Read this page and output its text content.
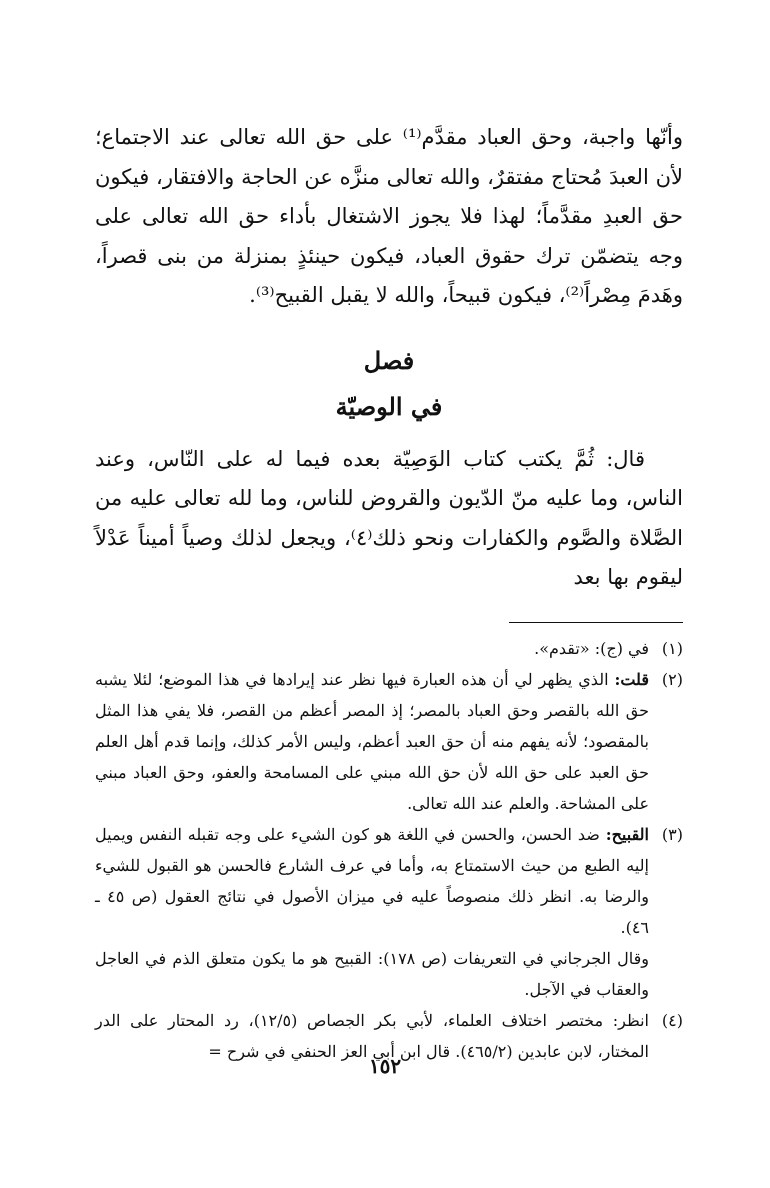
وأنّها واجبة، وحق العباد مقدَّم⁽¹⁾ على حق الله تعالى عند الاجتماع؛ لأن العبدَ مُحتاج مفتقرٌ، والله تعالى منزَّه عن الحاجة والافتقار، فيكون حق العبدِ مقدَّماً؛ لهذا فلا يجوز الاشتغال بأداء حق الله تعالى على وجه يتضمّن ترك حقوق العباد، فيكون حينئذٍ بمنزلة من بنى قصراً، وهَدمَ مِصْراً⁽²⁾، فيكون قبيحاً، والله لا يقبل القبيح⁽³⁾.

فصل
في الوصيّة

قال: ثُمَّ يكتب كتاب الوَصِيّة بعده فيما له على النّاس، وعند الناس، وما عليه منّ الدّيون والقروض للناس، وما لله تعالى عليه من الصَّلاة والصَّوم والكفارات ونحو ذلك⁽٤⁾، ويجعل لذلك وصياً أميناً عَدْلاً ليقوم بها بعد

(١)

في (ج): «تقدم».

(٢)

قلت: الذي يظهر لي أن هذه العبارة فيها نظر عند إيرادها في هذا الموضع؛ لئلا يشبه حق الله بالقصر وحق العباد بالمصر؛ إذ المصر أعظم من القصر، فلا يفي هذا المثل بالمقصود؛ لأنه يفهم منه أن حق العبد أعظم، وليس الأمر كذلك، وإنما قدم أهل العلم حق العبد على حق الله لأن حق الله مبني على المسامحة والعفو، وحق العباد مبني على المشاحة. والعلم عند الله تعالى.

(٣)

القبيح: ضد الحسن، والحسن في اللغة هو كون الشيء على وجه تقبله النفس ويميل إليه الطبع من حيث الاستمتاع به، وأما في عرف الشارع فالحسن هو القبول للشيء والرضا به. انظر ذلك منصوصاً عليه في ميزان الأصول في نتائج العقول (ص ٤٥ ـ ٤٦).

وقال الجرجاني في التعريفات (ص ١٧٨): القبيح هو ما يكون متعلق الذم في العاجل والعقاب في الآجل.
(٤)

انظر: مختصر اختلاف العلماء، لأبي بكر الجصاص (١٢/٥)، رد المحتار على الدر المختار، لابن عابدين (٤٦٥/٢). قال ابن أبي العز الحنفي في شرح =

١٥٢
